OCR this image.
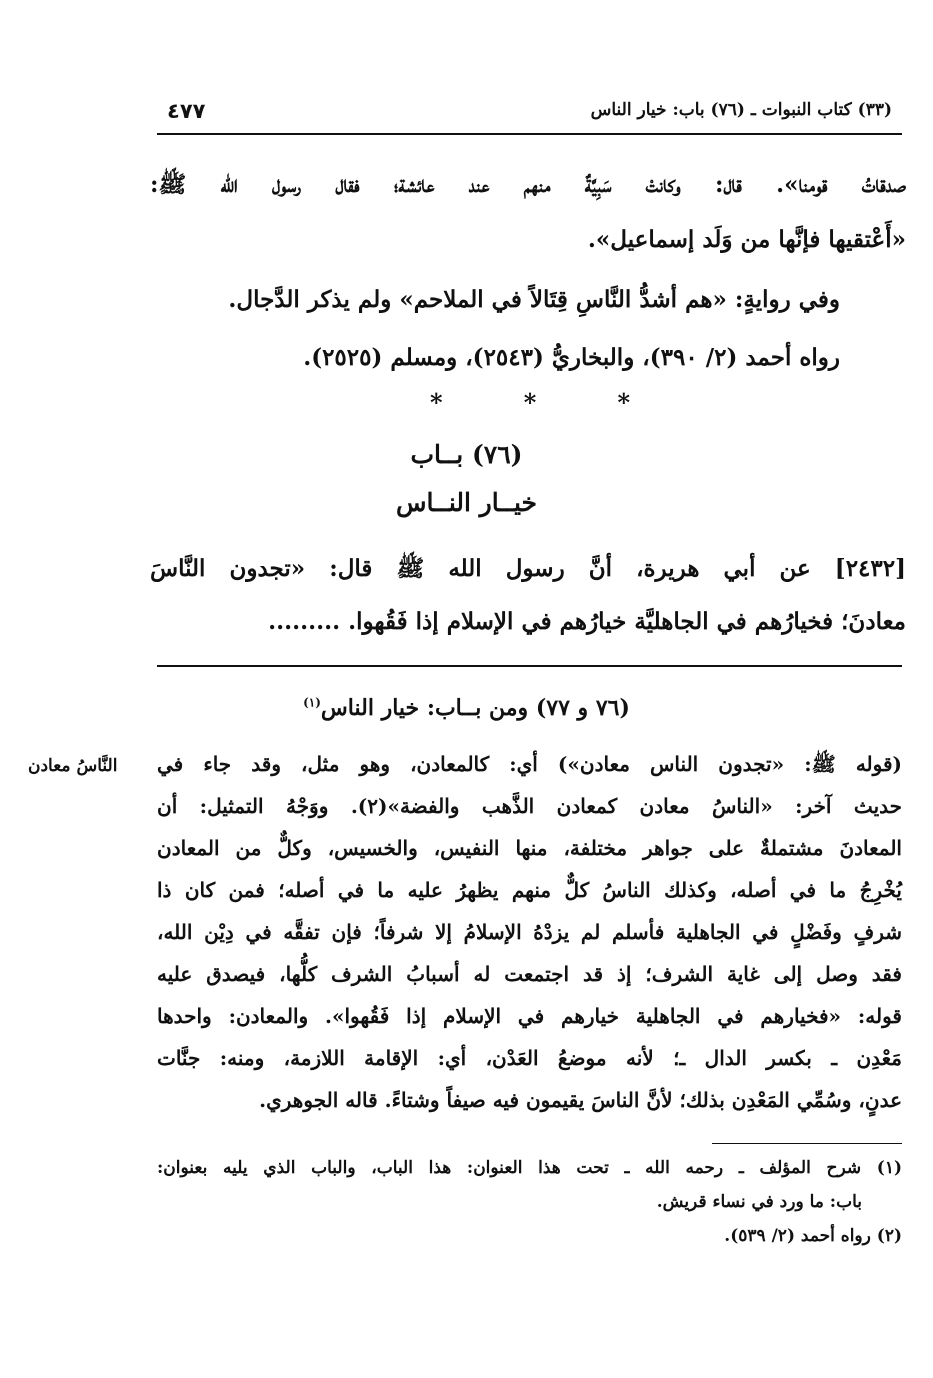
٤٧٧	(٣٣) كتاب النبوات ـ (٧٦) باب: خيار الناس
صدقاتُ قومنا». قال: وكانتْ سَبِيَّةٌ منهم عند عائشة؛ فقال رسول الله ﷺ:
«أَعْتقيها فإنَّها من وَلَد إسماعيل».
وفي روايةٍ: «هم أشدُّ النَّاسِ قِتَالاً في الملاحم» ولم يذكر الدَّجال.
رواه أحمد (٢/ ٣٩٠)، والبخاريُّ (٢٥٤٣)، ومسلم (٢٥٢٥).
*	*	*
(٧٦) بــاب
خيــار النــاس
[٢٤٣٢] عن أبي هريرة، أنَّ رسول الله ﷺ قال: «تجدون النَّاسَ
معادنَ؛ فخيارُهم في الجاهليَّة خيارُهم في الإسلام إذا فَقُهوا. .........
(٧٦ و ٧٧) ومن بــاب: خيار الناس$^{(١)}$
النَّاسُ معادن (قوله ﷺ: «تجدون الناس معادن») أي: كالمعادن، وهو مثل، وقد جاء في
حديث آخر: «الناسُ معادن كمعادن الذَّهب والفضة»(٢). ووَجْهُ التمثيل: أن
المعادنَ مشتملةٌ على جواهر مختلفة، منها النفيس، والخسيس، وكلٌّ من المعادن
يُخْرِجُ ما في أصله، وكذلك الناسُ كلٌّ منهم يظهرُ عليه ما في أصله؛ فمن كان ذا
شرفٍ وفَضْلٍ في الجاهلية فأسلم لم يزدْهُ الإسلامُ إلا شرفاً؛ فإن تفقَّه في دِيْن الله،
فقد وصل إلى غاية الشرف؛ إذ قد اجتمعت له أسبابُ الشرف كلُّها، فيصدق عليه
قوله: «فخيارهم في الجاهلية خيارهم في الإسلام إذا فَقُهوا». والمعادن: واحدها
مَعْدِن ـ بكسر الدال ـ؛ لأنه موضعُ العَدْن، أي: الإقامة اللازمة، ومنه: جنَّات
عدنٍ، وسُمِّي المَعْدِن بذلك؛ لأنَّ الناسَ يقيمون فيه صيفاً وشتاءً. قاله الجوهري.
(١) شرح المؤلف ـ رحمه الله ـ تحت هذا العنوان: هذا الباب، والباب الذي يليه بعنوان:
باب: ما ورد في نساء قريش.
(٢) رواه أحمد (٢/ ٥٣٩).
